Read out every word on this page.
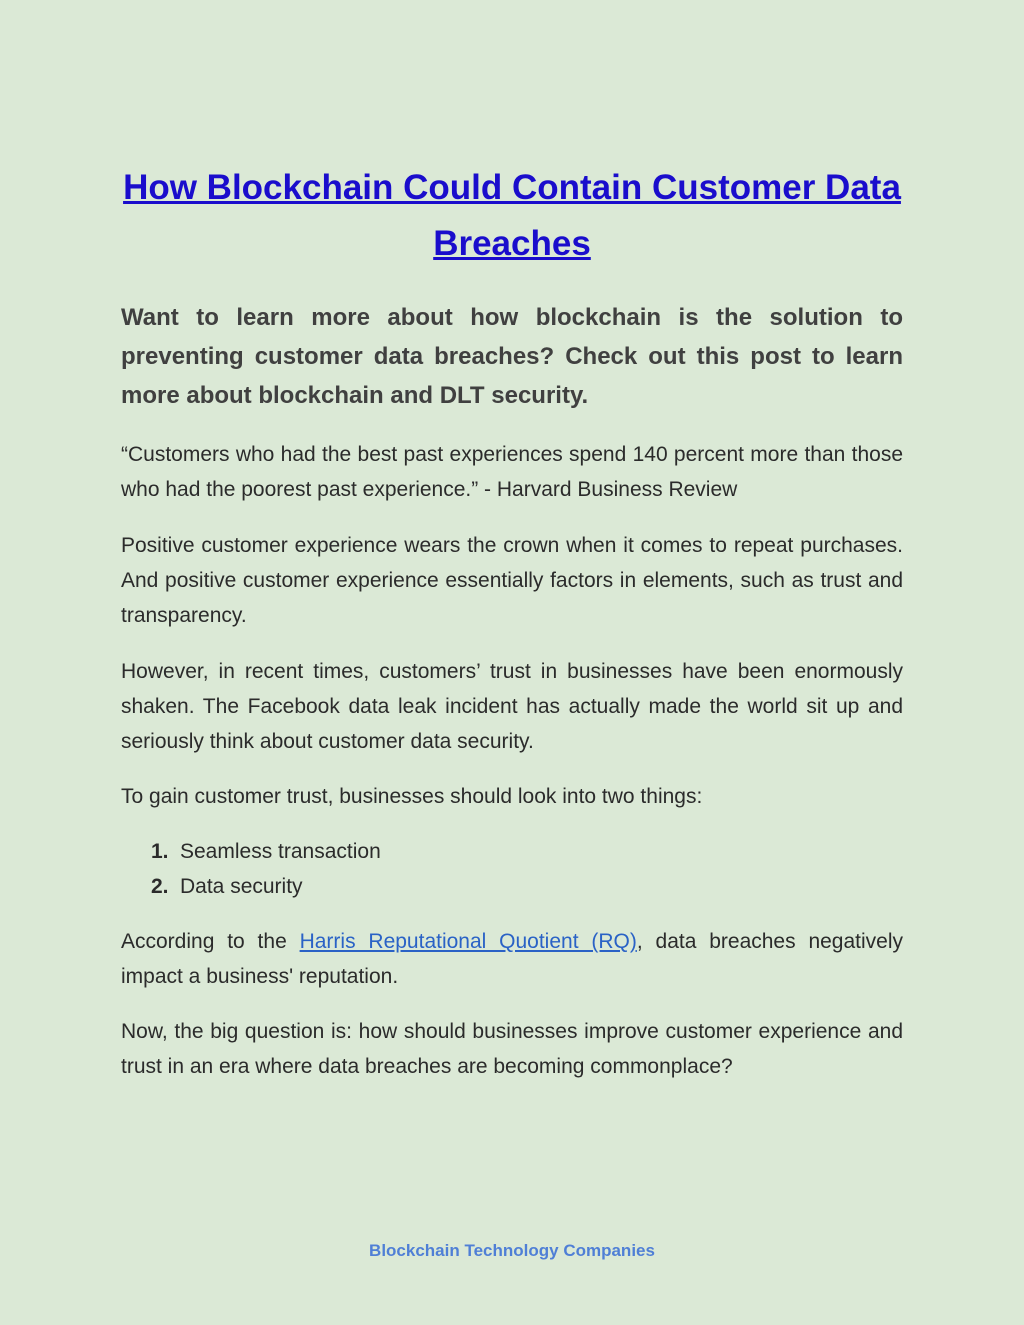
How Blockchain Could Contain Customer Data Breaches

Want to learn more about how blockchain is the solution to preventing customer data breaches? Check out this post to learn more about blockchain and DLT security.

“Customers who had the best past experiences spend 140 percent more than those who had the poorest past experience.” - Harvard Business Review

Positive customer experience wears the crown when it comes to repeat purchases. And positive customer experience essentially factors in elements, such as trust and transparency.

However, in recent times, customers’ trust in businesses have been enormously shaken. The Facebook data leak incident has actually made the world sit up and seriously think about customer data security.

To gain customer trust, businesses should look into two things:

1. Seamless transaction
2. Data security

According to the Harris Reputational Quotient (RQ), data breaches negatively impact a business' reputation.

Now, the big question is: how should businesses improve customer experience and trust in an era where data breaches are becoming commonplace?

Blockchain Technology Companies
